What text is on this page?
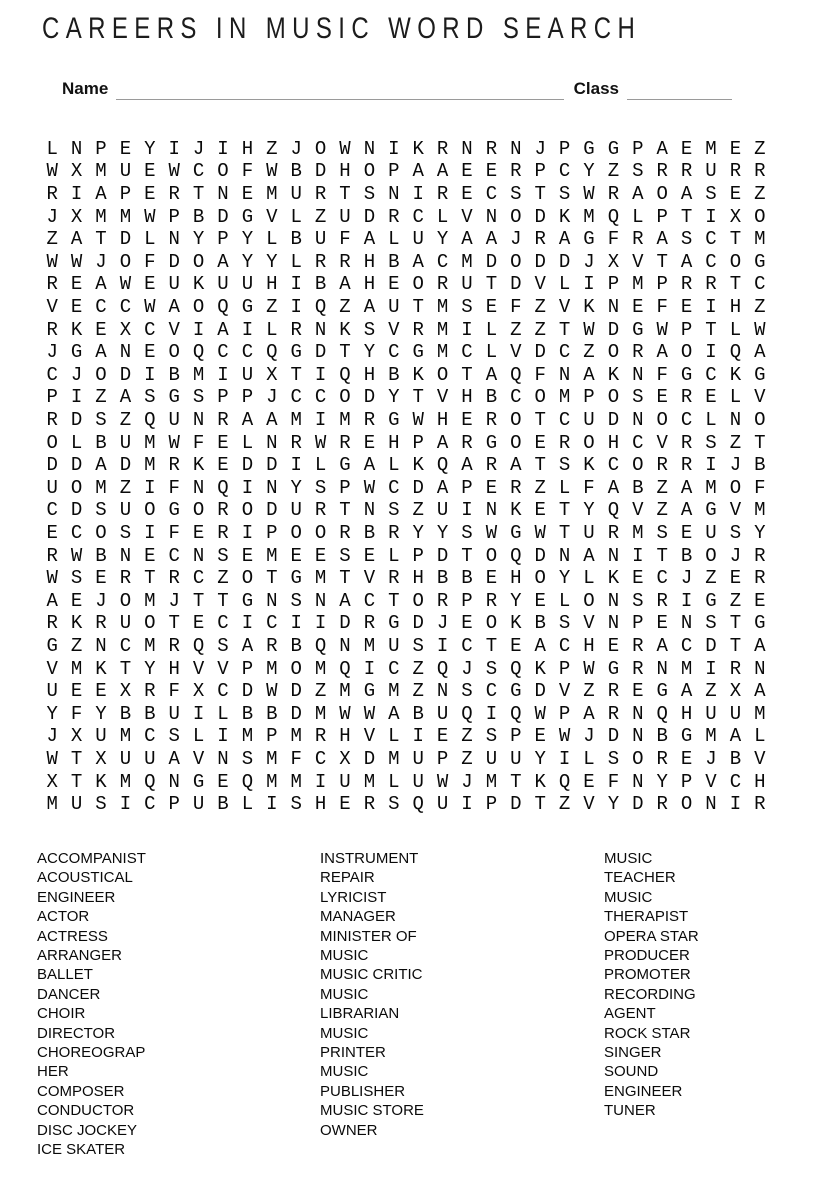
CAREERS IN MUSIC WORD SEARCH
Name	Class
L N P E Y I J I H Z J O W N I K R N R N J P G G P A E M E Z
W X M U E W C O F W B D H O P A A E E R P C Y Z S R R U R R
R I A P E R T N E M U R T S N I R E C S T S W R A O A S E Z
J X M M W P B D G V L Z U D R C L V N O D K M Q L P T I X O
Z A T D L N Y P Y L B U F A L U Y A A J R A G F R A S C T M
W W J O F D O A Y Y L R R H B A C M D O D D J X V T A C O G
R E A W E U K U U H I B A H E O R U T D V L I P M P R R T C
V E C C W A O Q G Z I Q Z A U T M S E F Z V K N E F E I H Z
R K E X C V I A I L R N K S V R M I L Z Z T W D G W P T L W
J G A N E O Q C C Q G D T Y C G M C L V D C Z O R A O I Q A
C J O D I B M I U X T I Q H B K O T A Q F N A K N F G C K G
P I Z A S G S P P J C C O D Y T V H B C O M P O S E R E L V
R D S Z Q U N R A A M I M R G W H E R O T C U D N O C L N O
O L B U M W F E L N R W R E H P A R G O E R O H C V R S Z T
D D A D M R K E D D I L G A L K Q A R A T S K C O R R I J B
U O M Z I F N Q I N Y S P W C D A P E R Z L F A B Z A M O F
C D S U O G O R O D U R T N S Z U I N K E T Y Q V Z A G V M
E C O S I F E R I P O O R B R Y Y S W G W T U R M S E U S Y
R W B N E C N S E M E E S E L P D T O Q D N A N I T B O J R
W S E R T R C Z O T G M T V R H B B E H O Y L K E C J Z E R
A E J O M J T T G N S N A C T O R P R Y E L O N S R I G Z E
R K R U O T E C I C I I D R G D J E O K B S V N P E N S T G
G Z N C M R Q S A R B Q N M U S I C T E A C H E R A C D T A
V M K T Y H V V P M O M Q I C Z Q J S Q K P W G R N M I R N
U E E X R F X C D W D Z M G M Z N S C G D V Z R E G A Z X A
Y F Y B B U I L B B D M W W A B U Q I Q W P A R N Q H U U M
J X U M C S L I M P M R H V L I E Z S P E W J D N B G M A L
W T X U U A V N S M F C X D M U P Z U U Y I L S O R E J B V
X T K M Q N G E Q M M I U M L U W J M T K Q E F N Y P V C H
M U S I C P U B L I S H E R S Q U I P D T Z V Y D R O N I R
ACCOMPANIST
ACOUSTICAL
ENGINEER
ACTOR
ACTRESS
ARRANGER
BALLET
DANCER
CHOIR
DIRECTOR
CHOREOGRAP
HER
COMPOSER
CONDUCTOR
DISC JOCKEY
ICE SKATER
INSTRUMENT
REPAIR
LYRICIST
MANAGER
MINISTER OF
MUSIC
MUSIC CRITIC
MUSIC
LIBRARIAN
MUSIC
PRINTER
MUSIC
PUBLISHER
MUSIC STORE
OWNER
MUSIC
TEACHER
MUSIC
THERAPIST
OPERA STAR
PRODUCER
PROMOTER
RECORDING
AGENT
ROCK STAR
SINGER
SOUND
ENGINEER
TUNER
